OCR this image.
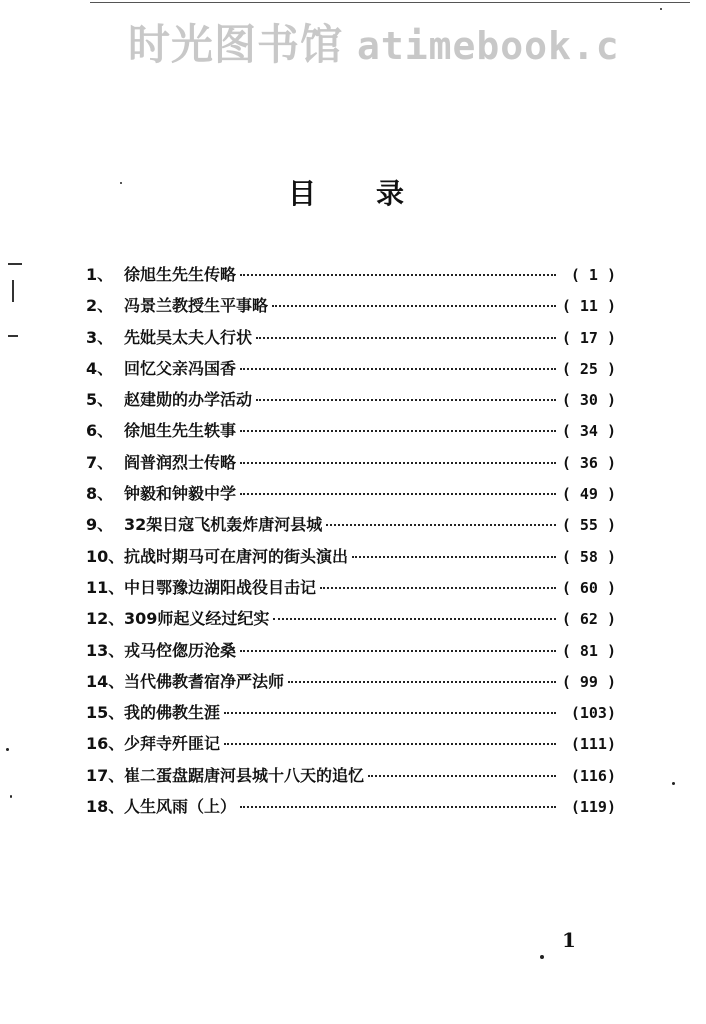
时光图书馆 atimebook.c
目录
1、 徐旭生先生传略	( 1 )
2、 冯景兰教授生平事略	( 11 )
3、 先妣吴太夫人行状	( 17 )
4、 回忆父亲冯国香	( 25 )
5、 赵建勋的办学活动	( 30 )
6、 徐旭生先生轶事	( 34 )
7、 阎普润烈士传略	( 36 )
8、 钟毅和钟毅中学	( 49 )
9、 32架日寇飞机轰炸唐河县城	( 55 )
10、 抗战时期马可在唐河的街头演出	( 58 )
11、 中日鄂豫边湖阳战役目击记	( 60 )
12、 309师起义经过纪实	( 62 )
13、 戎马倥偬历沧桑	( 81 )
14、 当代佛教耆宿净严法师	( 99 )
15、 我的佛教生涯	(103)
16、 少拜寺歼匪记	(111)
17、 崔二蛋盘踞唐河县城十八天的追忆	(116)
18、 人生风雨（上）	(119)
1
